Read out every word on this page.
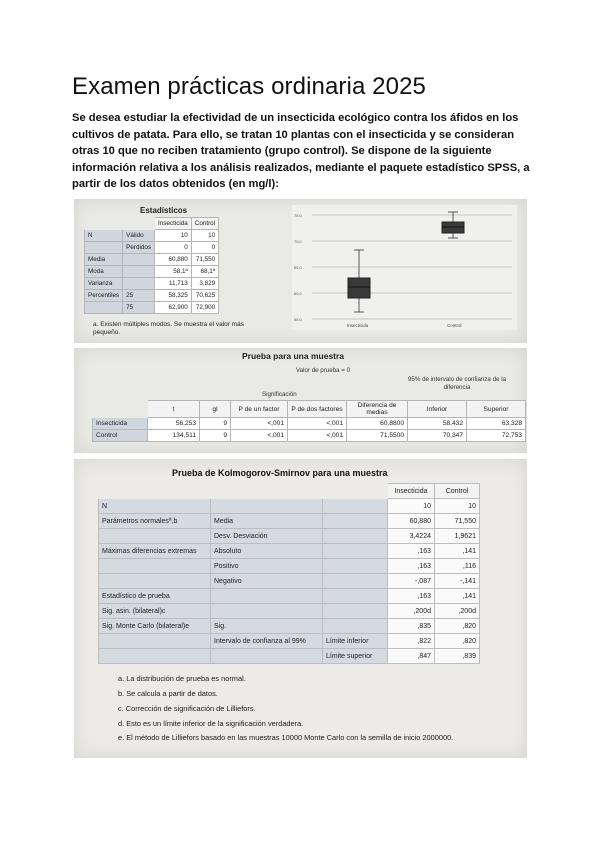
Examen prácticas ordinaria 2025
Se desea estudiar la efectividad de un insecticida ecológico contra los áfidos en los cultivos de patata. Para ello, se tratan 10 plantas con el insecticida y se consideran otras 10 que no reciben tratamiento (grupo control). Se dispone de la siguiente información relativa a los análisis realizados, mediante el paquete estadístico SPSS, a partir de los datos obtenidos (en mg/l):
Estadísticos
		Insecticida	Control
N	Válido	10	10
	Perdidos	0	0
Media		60,880	71,550
Moda		58,1ª	68,1ª
Varianza		11,713	3,829
Percentiles	25	58,325	70,625
	75	62,900	72,900
a. Existen múltiples modos. Se muestra el valor más pequeño.
75,0
70,0
65,0
60,0
55,0
Insecticida	Control
Prueba para una muestra
Valor de prueba = 0
Significación
95% de intervalo de confianza de la diferencia
	t	gl	P de un factor	P de dos factores	Diferencia de medias	Inferior	Superior
Insecticida	56,253	9	<,001	<,001	60,8800	58,432	63,328
Control	134,511	9	<,001	<,001	71,5500	70,347	72,753
Prueba de Kolmogorov-Smirnov para una muestra
			Insecticida	Control
N			10	10
Parámetros normalesª,b	Media		60,880	71,550
	Desv. Desviación		3,4224	1,9621
Máximas diferencias extremas	Absoluto		,163	,141
	Positivo		,163	,116
	Negativo		-,087	-,141
Estadístico de prueba			,163	,141
Sig. asin. (bilateral)c			,200d	,200d
Sig. Monte Carlo (bilateral)e	Sig.		,835	,820
	Intervalo de confianza al 99%	Límite inferior	,822	,820
		Límite superior	,847	,839
a. La distribución de prueba es normal.
b. Se calcula a partir de datos.
c. Corrección de significación de Lilliefors.
d. Esto es un límite inferior de la significación verdadera.
e. El método de Lilliefors basado en las muestras 10000 Monte Carlo con la semilla de inicio 2000000.
